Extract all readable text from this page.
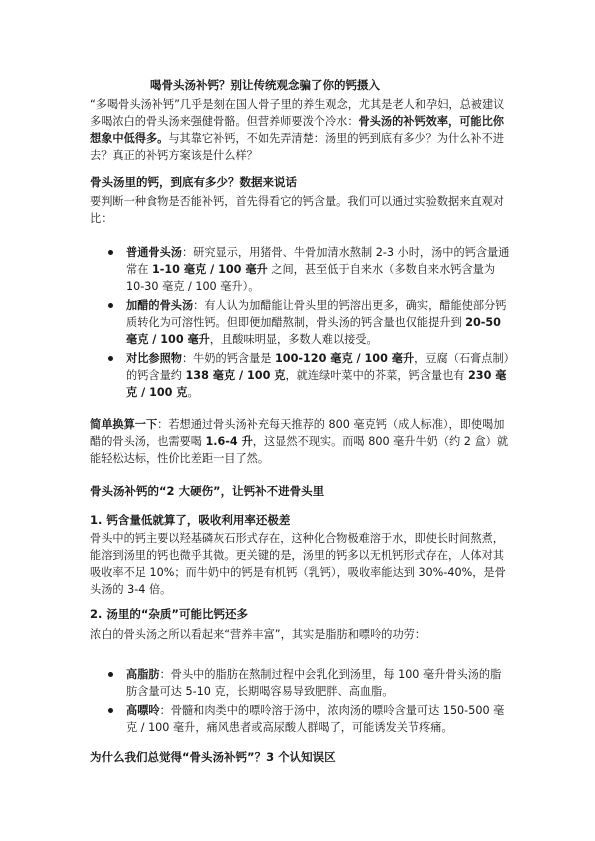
喝骨头汤补钙？别让传统观念骗了你的钙摄入

“多喝骨头汤补钙”几乎是刻在国人骨子里的养生观念，尤其是老人和孕妇，总被建议多喝浓白的骨头汤来强健骨骼。但营养师要泼个冷水：骨头汤的补钙效率，可能比你想象中低得多。与其靠它补钙，不如先弄清楚：汤里的钙到底有多少？为什么补不进去？真正的补钙方案该是什么样？

骨头汤里的钙，到底有多少？数据来说话

要判断一种食物是否能补钙，首先得看它的钙含量。我们可以通过实验数据来直观对比：

普通骨头汤：研究显示，用猪骨、牛骨加清水熬制 2-3 小时，汤中的钙含量通常在 1-10 毫克 / 100 毫升 之间，甚至低于自来水（多数自来水钙含量为 10-30 毫克 / 100 毫升）。
加醋的骨头汤：有人认为加醋能让骨头里的钙溶出更多，确实，醋能使部分钙质转化为可溶性钙。但即便加醋熬制，骨头汤的钙含量也仅能提升到 20-50 毫克 / 100 毫升，且酸味明显，多数人难以接受。
对比参照物：牛奶的钙含量是 100-120 毫克 / 100 毫升，豆腐（石膏点制）的钙含量约 138 毫克 / 100 克，就连绿叶菜中的芥菜，钙含量也有 230 毫克 / 100 克。

简单换算一下：若想通过骨头汤补充每天推荐的 800 毫克钙（成人标准），即使喝加醋的骨头汤，也需要喝 1.6-4 升，这显然不现实。而喝 800 毫升牛奶（约 2 盒）就能轻松达标，性价比差距一目了然。

骨头汤补钙的“2 大硬伤”，让钙补不进骨头里
1. 钙含量低就算了，吸收利用率还极差

骨头中的钙主要以羟基磷灰石形式存在，这种化合物极难溶于水，即使长时间熬煮，能溶到汤里的钙也微乎其微。更关键的是，汤里的钙多以无机钙形式存在，人体对其吸收率不足 10%；而牛奶中的钙是有机钙（乳钙），吸收率能达到 30%-40%，是骨头汤的 3-4 倍。

2. 汤里的“杂质”可能比钙还多

浓白的骨头汤之所以看起来“营养丰富”，其实是脂肪和嘌呤的功劳：

高脂肪：骨头中的脂肪在熬制过程中会乳化到汤里，每 100 毫升骨头汤的脂肪含量可达 5-10 克，长期喝容易导致肥胖、高血脂。
高嘌呤：骨髓和肉类中的嘌呤溶于汤中，浓肉汤的嘌呤含量可达 150-500 毫克 / 100 毫升，痛风患者或高尿酸人群喝了，可能诱发关节疼痛。
为什么我们总觉得“骨头汤补钙”？3 个认知误区
